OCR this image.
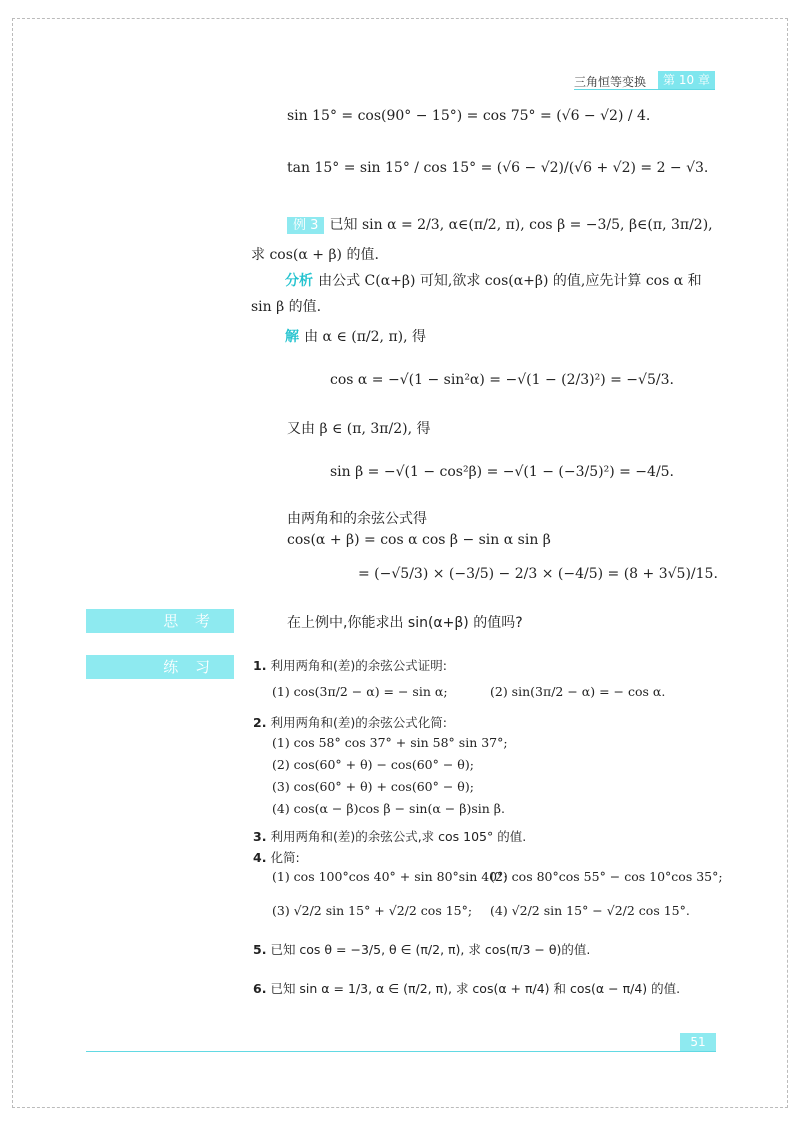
三角恒等变换	第 10 章
sin 15° = cos(90° − 15°) = cos 75° = (√6 − √2) / 4.
tan 15° = sin 15° / cos 15° = (√6 − √2)/(√6 + √2) = 2 − √3.
例 3 已知 sin α = 2/3, α∈(π/2, π), cos β = −3/5, β∈(π, 3π/2),
求 cos(α + β) 的值.
分析 由公式 C(α+β) 可知,欲求 cos(α+β) 的值,应先计算 cos α 和
sin β 的值.
解 由 α ∈ (π/2, π), 得
cos α = −√(1 − sin²α) = −√(1 − (2/3)²) = −√5/3.
又由 β ∈ (π, 3π/2), 得
sin β = −√(1 − cos²β) = −√(1 − (−3/5)²) = −4/5.
由两角和的余弦公式得
cos(α + β) = cos α cos β − sin α sin β
= (−√5/3) × (−3/5) − 2/3 × (−4/5) = (8 + 3√5)/15.
思 考	在上例中,你能求出 sin(α+β) 的值吗?
练 习	1. 利用两角和(差)的余弦公式证明:
(1) cos(3π/2 − α) = − sin α;	(2) sin(3π/2 − α) = − cos α.
2. 利用两角和(差)的余弦公式化简:
(1) cos 58° cos 37° + sin 58° sin 37°;
(2) cos(60° + θ) − cos(60° − θ);
(3) cos(60° + θ) + cos(60° − θ);
(4) cos(α − β)cos β − sin(α − β)sin β.
3. 利用两角和(差)的余弦公式,求 cos 105° 的值.
4. 化简:
(1) cos 100°cos 40° + sin 80°sin 40°;
(2) cos 80°cos 55° − cos 10°cos 35°;
(3) √2/2 sin 15° + √2/2 cos 15°; (4) √2/2 sin 15° − √2/2 cos 15°.
5. 已知 cos θ = −3/5, θ ∈ (π/2, π), 求 cos(π/3 − θ)的值.
6. 已知 sin α = 1/3, α ∈ (π/2, π), 求 cos(α + π/4) 和 cos(α − π/4) 的值.
51
